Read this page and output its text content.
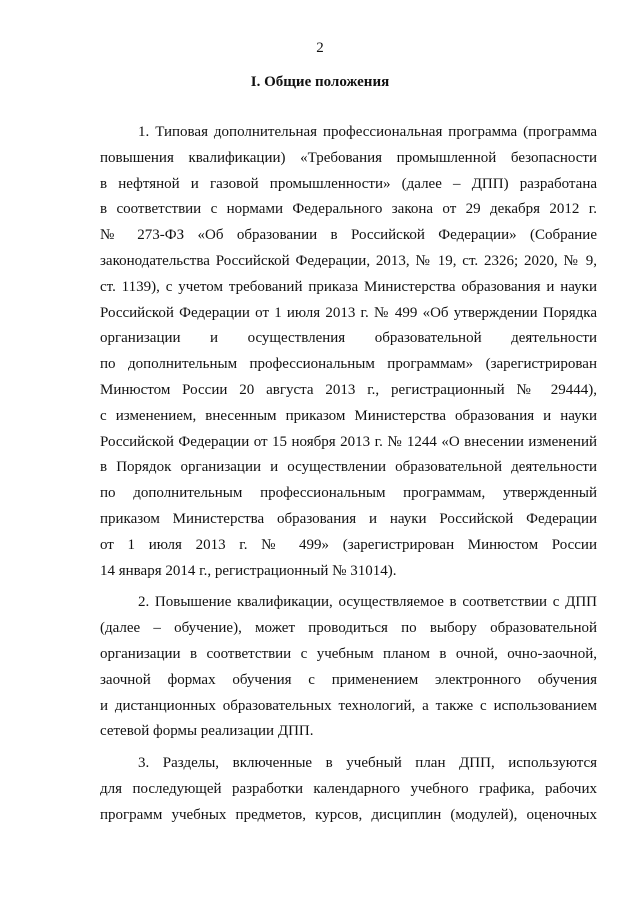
2
I. Общие положения

1. Типовая дополнительная профессиональная программа (программа
повышения квалификации) «Требования промышленной безопасности
в нефтяной и газовой промышленности» (далее – ДПП) разработана
в соответствии с нормами Федерального закона от 29 декабря 2012 г.
№ 273-ФЗ «Об образовании в Российской Федерации» (Собрание
законодательства Российской Федерации, 2013, № 19, ст. 2326; 2020, № 9,
ст. 1139), с учетом требований приказа Министерства образования и науки
Российской Федерации от 1 июля 2013 г. № 499 «Об утверждении Порядка
организации и осуществления образовательной деятельности
по дополнительным профессиональным программам» (зарегистрирован
Минюстом России 20 августа 2013 г., регистрационный № 29444),
с изменением, внесенным приказом Министерства образования и науки
Российской Федерации от 15 ноября 2013 г. № 1244 «О внесении изменений
в Порядок организации и осуществлении образовательной деятельности
по дополнительным профессиональным программам, утвержденный
приказом Министерства образования и науки Российской Федерации
от 1 июля 2013 г. № 499» (зарегистрирован Минюстом России
14 января 2014 г., регистрационный № 31014).

2. Повышение квалификации, осуществляемое в соответствии с ДПП
(далее – обучение), может проводиться по выбору образовательной
организации в соответствии с учебным планом в очной, очно-заочной,
заочной формах обучения с применением электронного обучения
и дистанционных образовательных технологий, а также с использованием
сетевой формы реализации ДПП.

3. Разделы, включенные в учебный план ДПП, используются
для последующей разработки календарного учебного графика, рабочих
программ учебных предметов, курсов, дисциплин (модулей), оценочных
